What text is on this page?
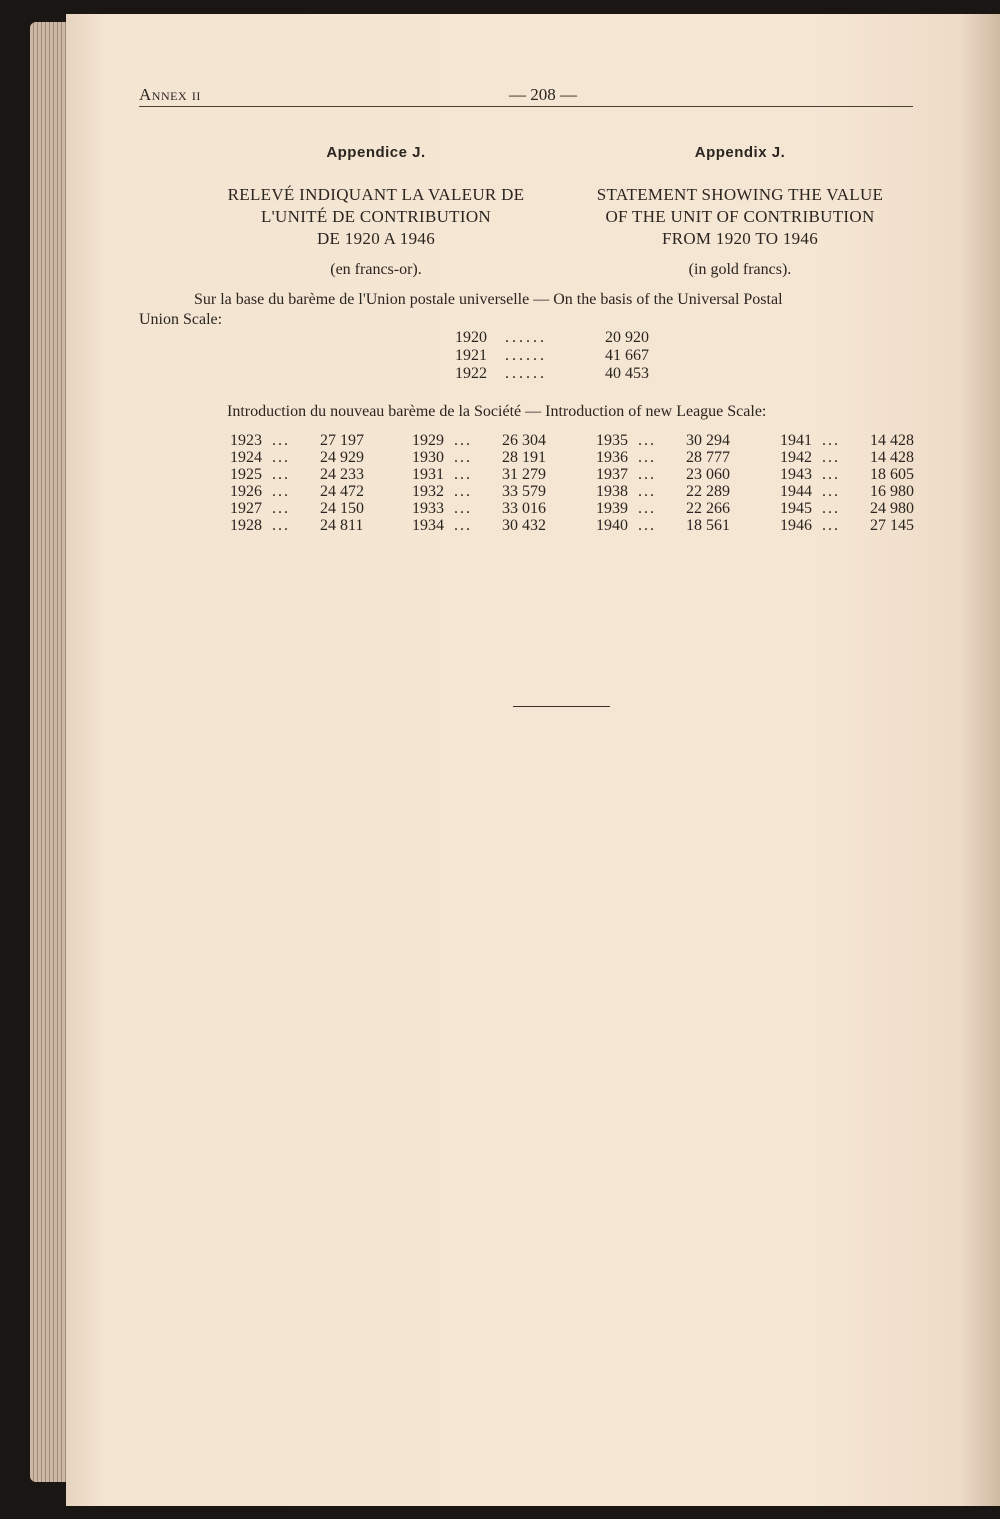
Annex ii	— 208 —
Appendice J.
RELEVÉ INDIQUANT LA VALEUR DE
L'UNITÉ DE CONTRIBUTION
DE 1920 A 1946
(en francs-or).
Appendix J.
STATEMENT SHOWING THE VALUE
OF THE UNIT OF CONTRIBUTION
FROM 1920 TO 1946
(in gold francs).
Sur la base du barème de l'Union postale universelle — On the basis of the Universal Postal
Union Scale:
1920 ......	20 920
1921 ......	41 667
1922 ......	40 453
Introduction du nouveau barème de la Société — Introduction of new League Scale:
1923 ... 27 197
1924 ... 24 929
1925 ... 24 233
1926 ... 24 472
1927 ... 24 150
1928 ... 24 811
1929 ... 26 304
1930 ... 28 191
1931 ... 31 279
1932 ... 33 579
1933 ... 33 016
1934 ... 30 432
1935 ... 30 294
1936 ... 28 777
1937 ... 23 060
1938 ... 22 289
1939 ... 22 266
1940 ... 18 561
1941 ... 14 428
1942 ... 14 428
1943 ... 18 605
1944 ... 16 980
1945 ... 24 980
1946 ... 27 145
